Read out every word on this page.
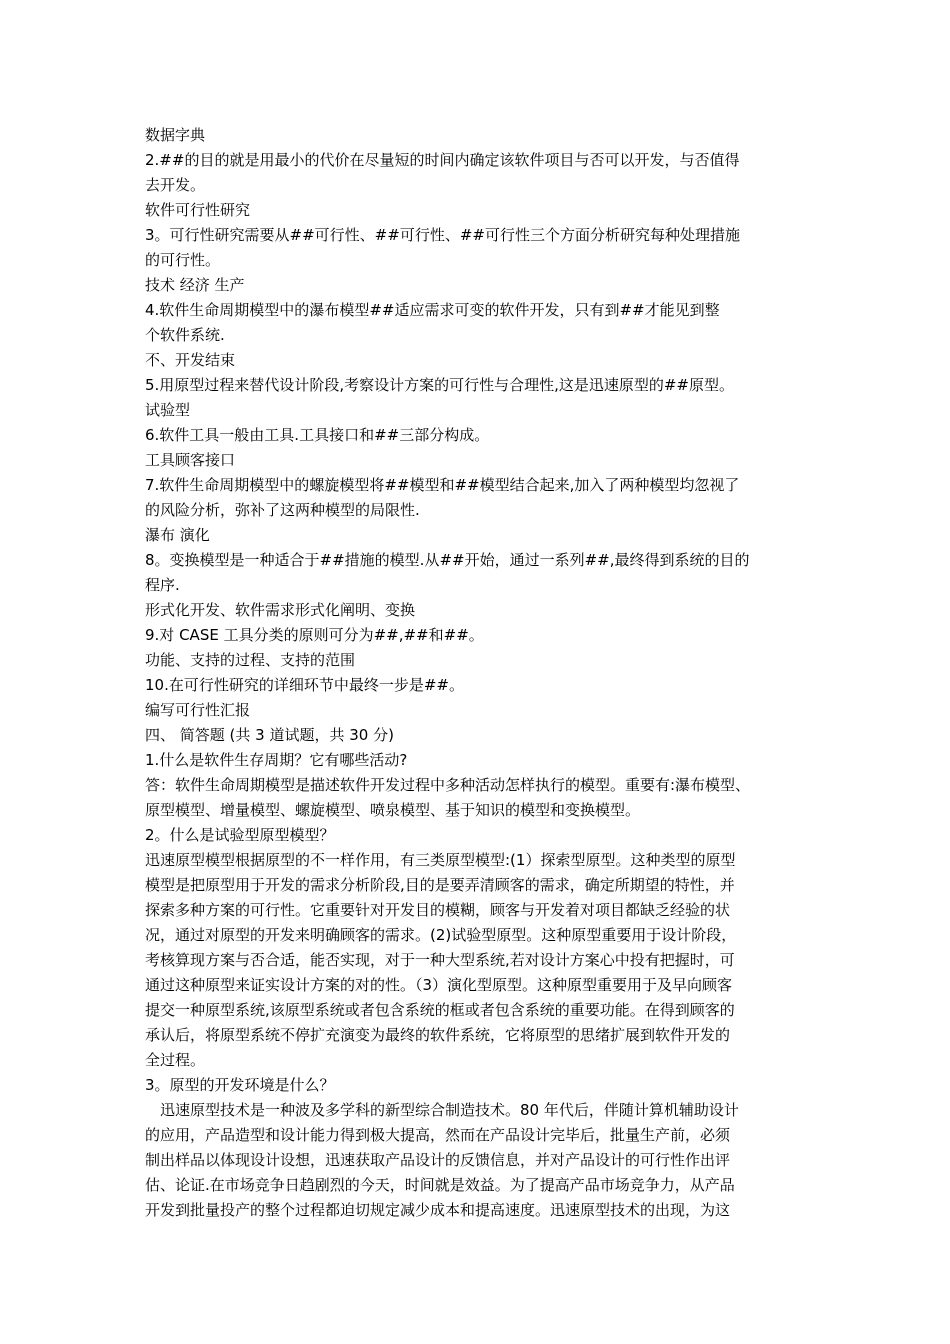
数据字典
2.##的目的就是用最小的代价在尽量短的时间内确定该软件项目与否可以开发，与否值得
去开发。
软件可行性研究
3。可行性研究需要从##可行性、##可行性、##可行性三个方面分析研究每种处理措施
的可行性。
技术 经济 生产
4.软件生命周期模型中的瀑布模型##适应需求可变的软件开发，只有到##才能见到整
个软件系统.
不、开发结束
5.用原型过程来替代设计阶段,考察设计方案的可行性与合理性,这是迅速原型的##原型。
试验型
6.软件工具一般由工具.工具接口和##三部分构成。
工具顾客接口
7.软件生命周期模型中的螺旋模型将##模型和##模型结合起来,加入了两种模型均忽视了
的风险分析，弥补了这两种模型的局限性.
瀑布 演化
8。变换模型是一种适合于##措施的模型.从##开始，通过一系列##,最终得到系统的目的
程序.
形式化开发、软件需求形式化阐明、变换
9.对 CASE 工具分类的原则可分为##,##和##。
功能、支持的过程、支持的范围
10.在可行性研究的详细环节中最终一步是##。
编写可行性汇报
四、 简答题 (共 3 道试题，共 30 分)
1.什么是软件生存周期？它有哪些活动?
答：软件生命周期模型是描述软件开发过程中多种活动怎样执行的模型。重要有:瀑布模型、
原型模型、增量模型、螺旋模型、喷泉模型、基于知识的模型和变换模型。
2。什么是试验型原型模型？
迅速原型模型根据原型的不一样作用，有三类原型模型:(1）探索型原型。这种类型的原型
模型是把原型用于开发的需求分析阶段,目的是要弄清顾客的需求，确定所期望的特性，并
探索多种方案的可行性。它重要针对开发目的模糊，顾客与开发着对项目都缺乏经验的状
况，通过对原型的开发来明确顾客的需求。(2)试验型原型。这种原型重要用于设计阶段，
考核算现方案与否合适，能否实现，对于一种大型系统,若对设计方案心中投有把握时，可
通过这种原型来证实设计方案的对的性。（3）演化型原型。这种原型重要用于及早向顾客
提交一种原型系统,该原型系统或者包含系统的框或者包含系统的重要功能。在得到顾客的
承认后，将原型系统不停扩充演变为最终的软件系统，它将原型的思绪扩展到软件开发的
全过程。
3。原型的开发环境是什么？
迅速原型技术是一种波及多学科的新型综合制造技术。80 年代后，伴随计算机辅助设计
的应用，产品造型和设计能力得到极大提高，然而在产品设计完毕后，批量生产前，必须
制出样品以体现设计设想，迅速获取产品设计的反馈信息，并对产品设计的可行性作出评
估、论证.在市场竞争日趋剧烈的今天，时间就是效益。为了提高产品市场竞争力，从产品
开发到批量投产的整个过程都迫切规定减少成本和提高速度。迅速原型技术的出现，为这
